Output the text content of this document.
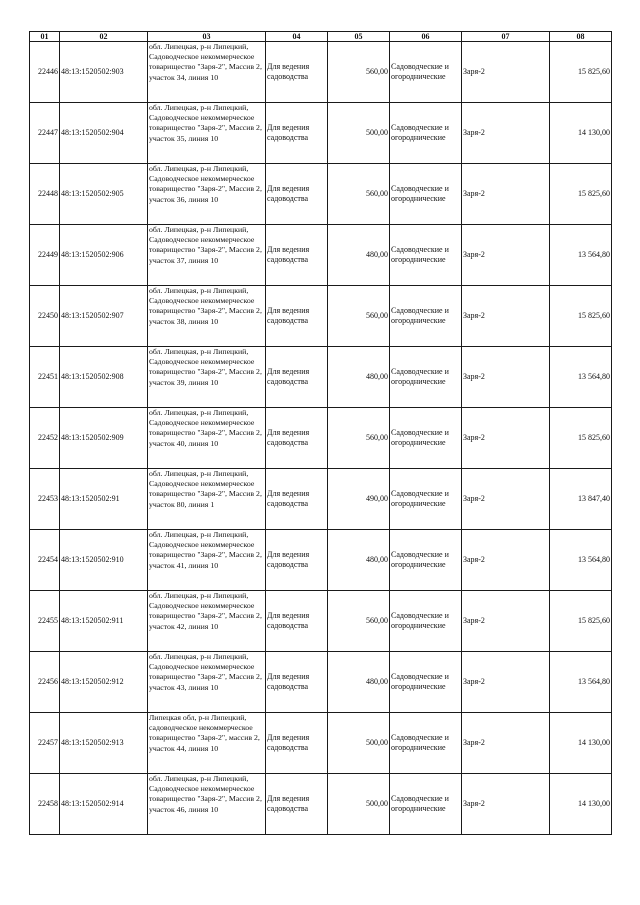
01	02	03	04	05	06	07	08
22446	48:13:1520502:903	обл. Липецкая, р-н Липецкий, Садоводческое некоммерческое товарищество "Заря-2", Массив 2, участок 34, линия 10	Для ведения садоводства	560,00	Садоводческие и огороднические	Заря-2	15 825,60
22447	48:13:1520502:904	обл. Липецкая, р-н Липецкий, Садоводческое некоммерческое товарищество "Заря-2", Массив 2, участок 35, линия 10	Для ведения садоводства	500,00	Садоводческие и огороднические	Заря-2	14 130,00
22448	48:13:1520502:905	обл. Липецкая, р-н Липецкий, Садоводческое некоммерческое товарищество "Заря-2", Массив 2, участок 36, линия 10	Для ведения садоводства	560,00	Садоводческие и огороднические	Заря-2	15 825,60
22449	48:13:1520502:906	обл. Липецкая, р-н Липецкий, Садоводческое некоммерческое товарищество "Заря-2", Массив 2, участок 37, линия 10	Для ведения садоводства	480,00	Садоводческие и огороднические	Заря-2	13 564,80
22450	48:13:1520502:907	обл. Липецкая, р-н Липецкий, Садоводческое некоммерческое товарищество "Заря-2", Массив 2, участок 38, линия 10	Для ведения садоводства	560,00	Садоводческие и огороднические	Заря-2	15 825,60
22451	48:13:1520502:908	обл. Липецкая, р-н Липецкий, Садоводческое некоммерческое товарищество "Заря-2", Массив 2, участок 39, линия 10	Для ведения садоводства	480,00	Садоводческие и огороднические	Заря-2	13 564,80
22452	48:13:1520502:909	обл. Липецкая, р-н Липецкий, Садоводческое некоммерческое товарищество "Заря-2", Массив 2, участок 40, линия 10	Для ведения садоводства	560,00	Садоводческие и огороднические	Заря-2	15 825,60
22453	48:13:1520502:91	обл. Липецкая, р-н Липецкий, Садоводческое некоммерческое товарищество "Заря-2", Массив 2, участок 80, линия 1	Для ведения садоводства	490,00	Садоводческие и огороднические	Заря-2	13 847,40
22454	48:13:1520502:910	обл. Липецкая, р-н Липецкий, Садоводческое некоммерческое товарищество "Заря-2", Массив 2, участок 41, линия 10	Для ведения садоводства	480,00	Садоводческие и огороднические	Заря-2	13 564,80
22455	48:13:1520502:911	обл. Липецкая, р-н Липецкий, Садоводческое некоммерческое товарищество "Заря-2", Массив 2, участок 42, линия 10	Для ведения садоводства	560,00	Садоводческие и огороднические	Заря-2	15 825,60
22456	48:13:1520502:912	обл. Липецкая, р-н Липецкий, Садоводческое некоммерческое товарищество "Заря-2", Массив 2, участок 43, линия 10	Для ведения садоводства	480,00	Садоводческие и огороднические	Заря-2	13 564,80
22457	48:13:1520502:913	Липецкая обл, р-н Липецкий, садоводческое некоммерческое товарищество "Заря-2", массив 2, участок 44, линия 10	Для ведения садоводства	500,00	Садоводческие и огороднические	Заря-2	14 130,00
22458	48:13:1520502:914	обл. Липецкая, р-н Липецкий, Садоводческое некоммерческое товарищество "Заря-2", Массив 2, участок 46, линия 10	Для ведения садоводства	500,00	Садоводческие и огороднические	Заря-2	14 130,00
